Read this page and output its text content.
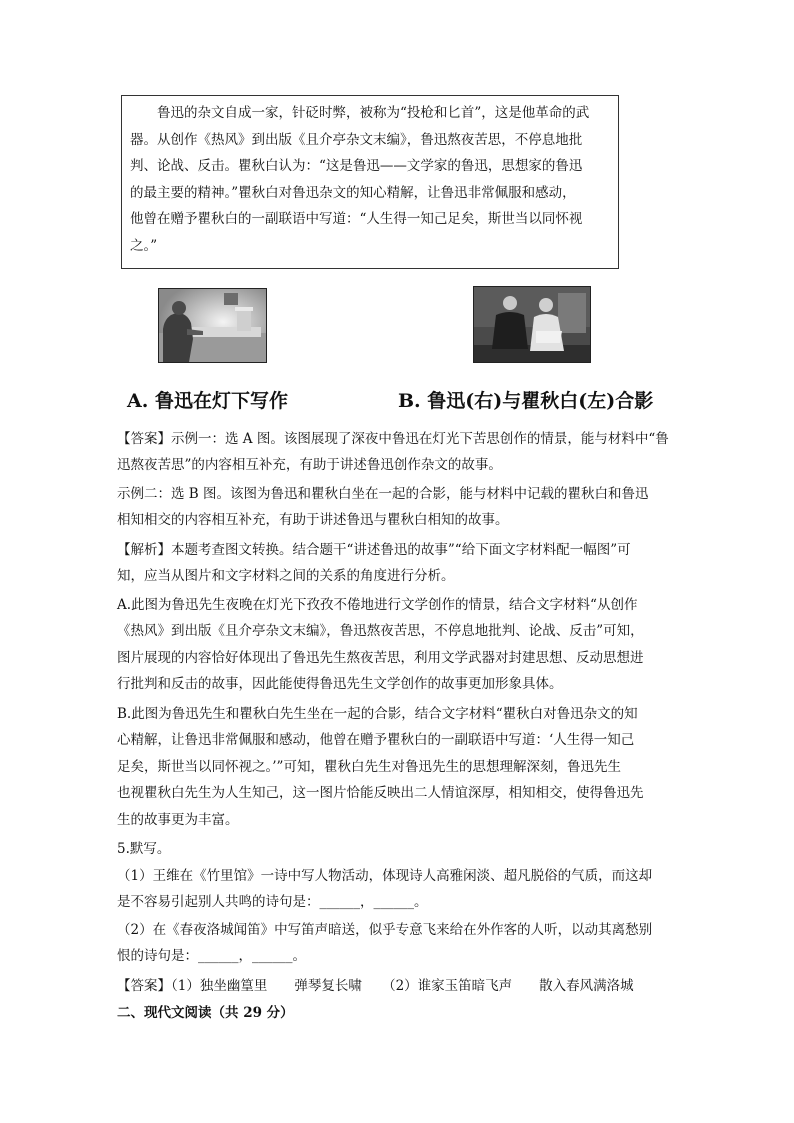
鲁迅的杂文自成一家，针砭时弊，被称为“投枪和匕首”，这是他革命的武
器。从创作《热风》到出版《且介亭杂文末编》，鲁迅熬夜苦思，不停息地批
判、论战、反击。瞿秋白认为：“这是鲁迅——文学家的鲁迅，思想家的鲁迅
的最主要的精神。”瞿秋白对鲁迅杂文的知心精解，让鲁迅非常佩服和感动，
他曾在赠予瞿秋白的一副联语中写道：“人生得一知己足矣，斯世当以同怀视
之。”
A. 鲁迅在灯下写作	B. 鲁迅(右)与瞿秋白(左)合影
【答案】示例一：选 A 图。该图展现了深夜中鲁迅在灯光下苦思创作的情景，能与材料中“鲁
迅熬夜苦思”的内容相互补充，有助于讲述鲁迅创作杂文的故事。
示例二：选 B 图。该图为鲁迅和瞿秋白坐在一起的合影，能与材料中记载的瞿秋白和鲁迅
相知相交的内容相互补充，有助于讲述鲁迅与瞿秋白相知的故事。
【解析】本题考查图文转换。结合题干“讲述鲁迅的故事”“给下面文字材料配一幅图”可
知，应当从图片和文字材料之间的关系的角度进行分析。
A.此图为鲁迅先生夜晚在灯光下孜孜不倦地进行文学创作的情景，结合文字材料“从创作
《热风》到出版《且介亭杂文末编》，鲁迅熬夜苦思，不停息地批判、论战、反击”可知，
图片展现的内容恰好体现出了鲁迅先生熬夜苦思，利用文学武器对封建思想、反动思想进
行批判和反击的故事，因此能使得鲁迅先生文学创作的故事更加形象具体。
B.此图为鲁迅先生和瞿秋白先生坐在一起的合影，结合文字材料“瞿秋白对鲁迅杂文的知
心精解，让鲁迅非常佩服和感动，他曾在赠予瞿秋白的一副联语中写道：‘人生得一知己
足矣，斯世当以同怀视之。’”可知，瞿秋白先生对鲁迅先生的思想理解深刻，鲁迅先生
也视瞿秋白先生为人生知己，这一图片恰能反映出二人情谊深厚，相知相交，使得鲁迅先
生的故事更为丰富。
5.默写。
（1）王维在《竹里馆》一诗中写人物活动，体现诗人高雅闲淡、超凡脱俗的气质，而这却
是不容易引起别人共鸣的诗句是：______，______。
（2）在《春夜洛城闻笛》中写笛声暗送，似乎专意飞来给在外作客的人听，以动其离愁别
恨的诗句是：______，______。
【答案】（1）独坐幽篁里　　弹琴复长啸　　（2）谁家玉笛暗飞声　　散入春风满洛城
二、现代文阅读（共 29 分）
